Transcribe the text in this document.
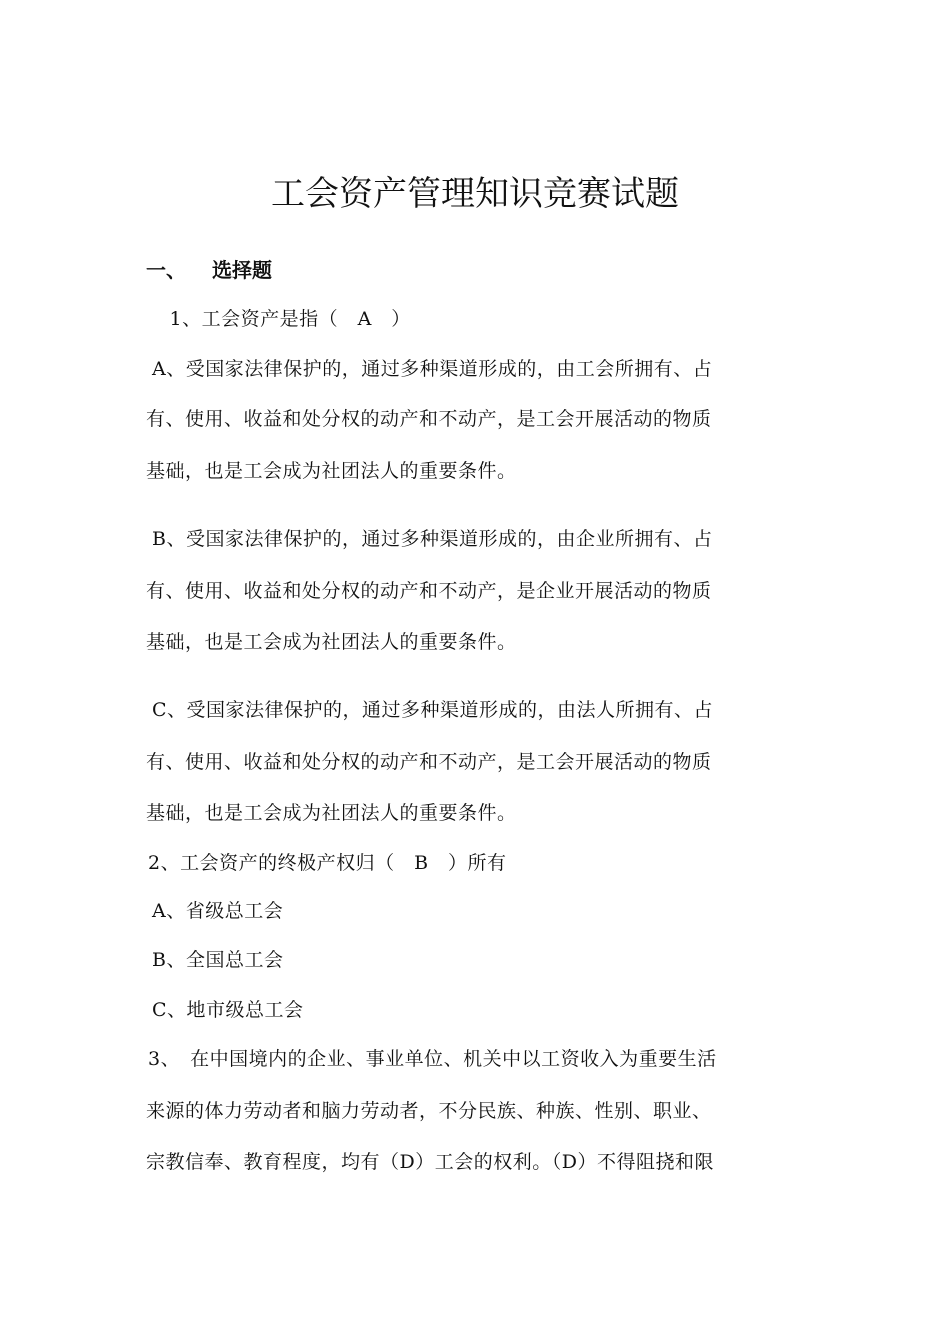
工会资产管理知识竞赛试题
一、 选择题

　1、工会资产是指（　A　）

A、受国家法律保护的，通过多种渠道形成的，由工会所拥有、占

有、使用、收益和处分权的动产和不动产，是工会开展活动的物质

基础，也是工会成为社团法人的重要条件。

B、受国家法律保护的，通过多种渠道形成的，由企业所拥有、占

有、使用、收益和处分权的动产和不动产，是企业开展活动的物质

基础，也是工会成为社团法人的重要条件。

C、受国家法律保护的，通过多种渠道形成的，由法人所拥有、占

有、使用、收益和处分权的动产和不动产，是工会开展活动的物质

基础，也是工会成为社团法人的重要条件。

2、工会资产的终极产权归（　B　）所有

A、省级总工会

B、全国总工会

C、地市级总工会

3、　在中国境内的企业、事业单位、机关中以工资收入为重要生活

来源的体力劳动者和脑力劳动者，不分民族、种族、性别、职业、

宗教信奉、教育程度，均有（D）工会的权利。（D）不得阻挠和限
